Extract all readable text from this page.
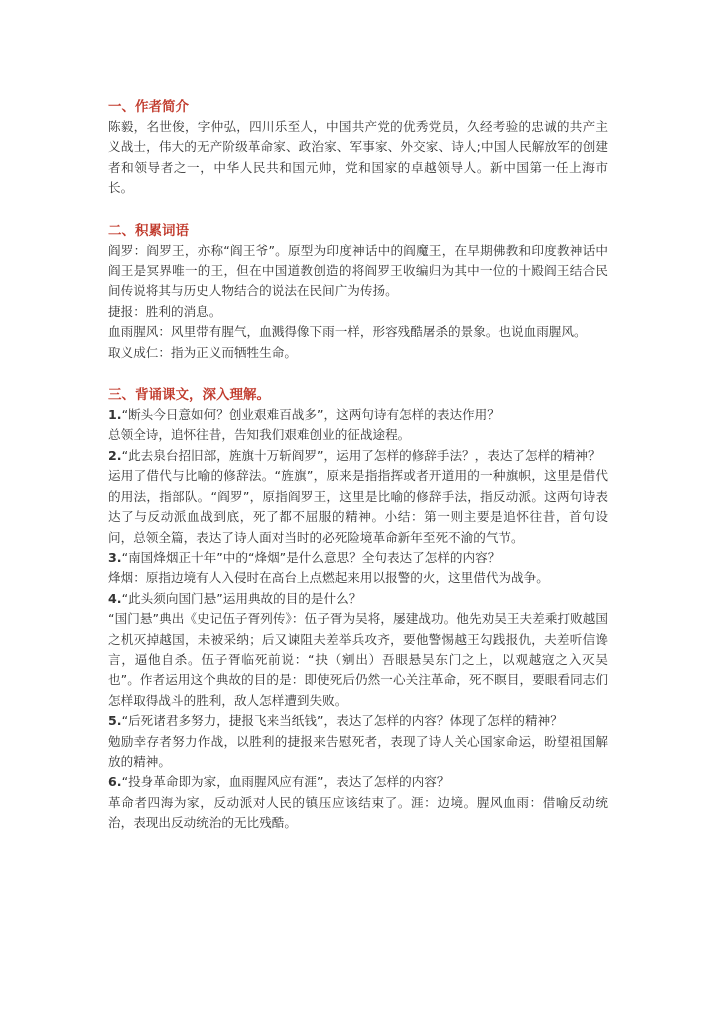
一、作者简介

陈毅，名世俊，字仲弘，四川乐至人，中国共产党的优秀党员，久经考验的忠诚的共产主义战士，伟大的无产阶级革命家、政治家、军事家、外交家、诗人;中国人民解放军的创建者和领导者之一，中华人民共和国元帅，党和国家的卓越领导人。新中国第一任上海市长。

二、积累词语

阎罗：阎罗王，亦称“阎王爷”。原型为印度神话中的阎魔王，在早期佛教和印度教神话中阎王是冥界唯一的王，但在中国道教创造的将阎罗王收编归为其中一位的十殿阎王结合民间传说将其与历史人物结合的说法在民间广为传扬。

捷报：胜利的消息。

血雨腥风：风里带有腥气，血溅得像下雨一样，形容残酷屠杀的景象。也说血雨腥风。

取义成仁：指为正义而牺牲生命。

三、背诵课文，深入理解。

1.“断头今日意如何？创业艰难百战多”，这两句诗有怎样的表达作用？

总领全诗，追怀往昔，告知我们艰难创业的征战途程。

2.“此去泉台招旧部，旌旗十万斩阎罗”，运用了怎样的修辞手法？，表达了怎样的精神？

运用了借代与比喻的修辞法。“旌旗”，原来是指指挥或者开道用的一种旗帜，这里是借代的用法，指部队。“阎罗”，原指阎罗王，这里是比喻的修辞手法，指反动派。这两句诗表达了与反动派血战到底，死了都不屈服的精神。小结：第一则主要是追怀往昔，首句设问，总领全篇，表达了诗人面对当时的必死险境革命新年至死不渝的气节。

3.“南国烽烟正十年”中的“烽烟”是什么意思？全句表达了怎样的内容？

烽烟：原指边境有人入侵时在高台上点燃起来用以报警的火，这里借代为战争。

4.“此头须向国门悬”运用典故的目的是什么？

“国门悬”典出《史记伍子胥列传》：伍子胥为吴将，屡建战功。他先劝吴王夫差乘打败越国之机灭掉越国，未被采纳；后又谏阻夫差举兵攻齐，要他警惕越王勾践报仇，夫差听信谗言，逼他自杀。伍子胥临死前说：“抉（剜出）吾眼悬吴东门之上，以观越寇之入灭吴也”。作者运用这个典故的目的是：即使死后仍然一心关注革命，死不瞑目，要眼看同志们怎样取得战斗的胜利，敌人怎样遭到失败。

5.“后死诸君多努力，捷报飞来当纸钱”，表达了怎样的内容？体现了怎样的精神？

勉励幸存者努力作战，以胜利的捷报来告慰死者，表现了诗人关心国家命运，盼望祖国解放的精神。

6.“投身革命即为家，血雨腥风应有涯”，表达了怎样的内容？

革命者四海为家，反动派对人民的镇压应该结束了。涯：边境。腥风血雨：借喻反动统治，表现出反动统治的无比残酷。
